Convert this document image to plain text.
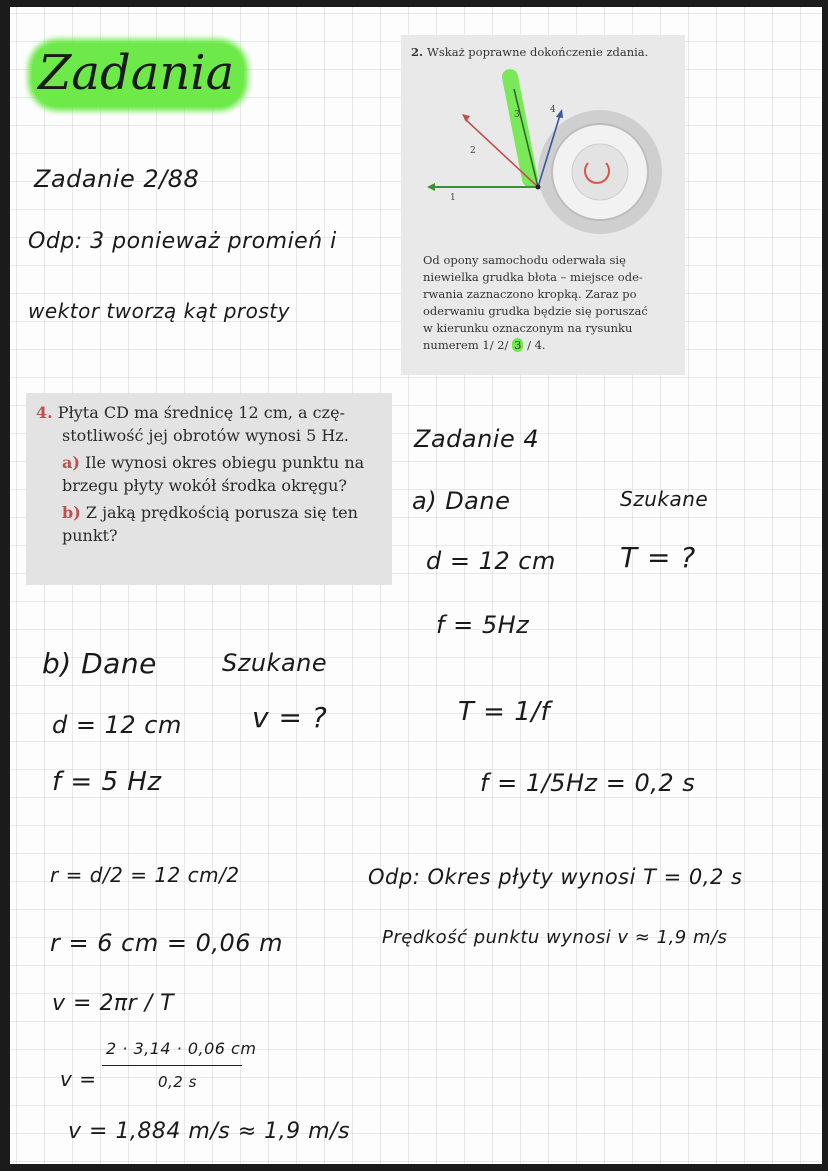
Zadania
Zadanie 2/88
Odp: 3 ponieważ promień i
wektor tworzą kąt prosty
2. Wskaż poprawne dokończenie zdania.
Od opony samochodu oderwała się
niewielka grudka błota – miejsce ode-
rwania zaznaczono kropką. Zaraz po
oderwaniu grudka będzie się poruszać
w kierunku oznaczonym na rysunku
numerem 1/ 2/ 3 / 4.
1
2
3	4
4. Płyta CD ma średnicę 12 cm, a czę-
stotliwość jej obrotów wynosi 5 Hz.
a) Ile wynosi okres obiegu punktu na
brzegu płyty wokół środka okręgu?
b) Z jaką prędkością porusza się ten
punkt?
Zadanie 4
a) Dane	Szukane
d = 12 cm T = ?
f = 5Hz
T = 1/f
f = 1/5Hz = 0,2 s
Odp: Okres płyty wynosi T = 0,2 s
Prędkość punktu wynosi v ≈ 1,9 m/s
b) Dane	Szukane
d = 12 cm	v = ?
f = 5 Hz
r = d/2 = 12 cm/2
r = 6 cm = 0,06 m
v = 2πr / T
v =
2 · 3,14 · 0,06 cm
0,2 s
v = 1,884 m/s ≈ 1,9 m/s
